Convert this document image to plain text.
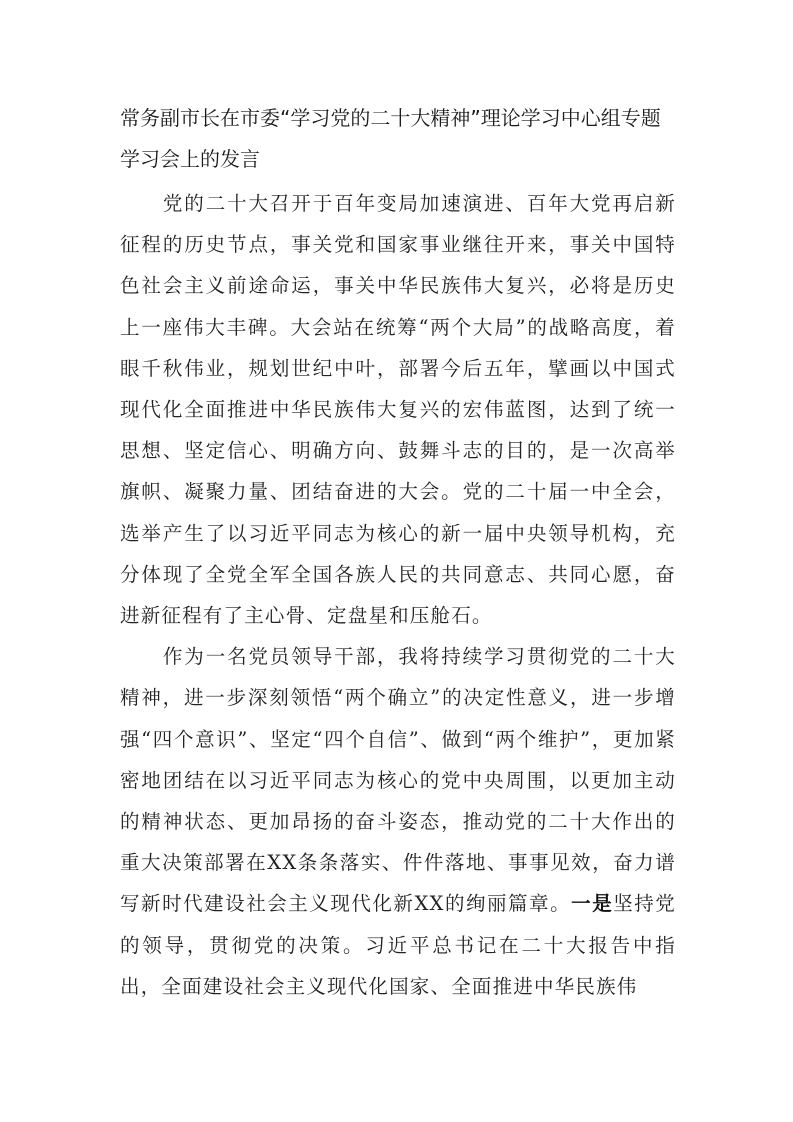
常务副市长在市委“学习党的二十大精神”理论学习中心组专题学习会上的发言

党的二十大召开于百年变局加速演进、百年大党再启新征程的历史节点，事关党和国家事业继往开来，事关中国特色社会主义前途命运，事关中华民族伟大复兴，必将是历史上一座伟大丰碑。大会站在统筹“两个大局”的战略高度，着眼千秋伟业，规划世纪中叶，部署今后五年，擘画以中国式现代化全面推进中华民族伟大复兴的宏伟蓝图，达到了统一思想、坚定信心、明确方向、鼓舞斗志的目的，是一次高举旗帜、凝聚力量、团结奋进的大会。党的二十届一中全会，选举产生了以习近平同志为核心的新一届中央领导机构，充分体现了全党全军全国各族人民的共同意志、共同心愿，奋进新征程有了主心骨、定盘星和压舱石。

作为一名党员领导干部，我将持续学习贯彻党的二十大精神，进一步深刻领悟“两个确立”的决定性意义，进一步增强“四个意识”、坚定“四个自信”、做到“两个维护”，更加紧密地团结在以习近平同志为核心的党中央周围，以更加主动的精神状态、更加昂扬的奋斗姿态，推动党的二十大作出的重大决策部署在XX条条落实、件件落地、事事见效，奋力谱写新时代建设社会主义现代化新XX的绚丽篇章。一是坚持党的领导，贯彻党的决策。习近平总书记在二十大报告中指出，全面建设社会主义现代化国家、全面推进中华民族伟
